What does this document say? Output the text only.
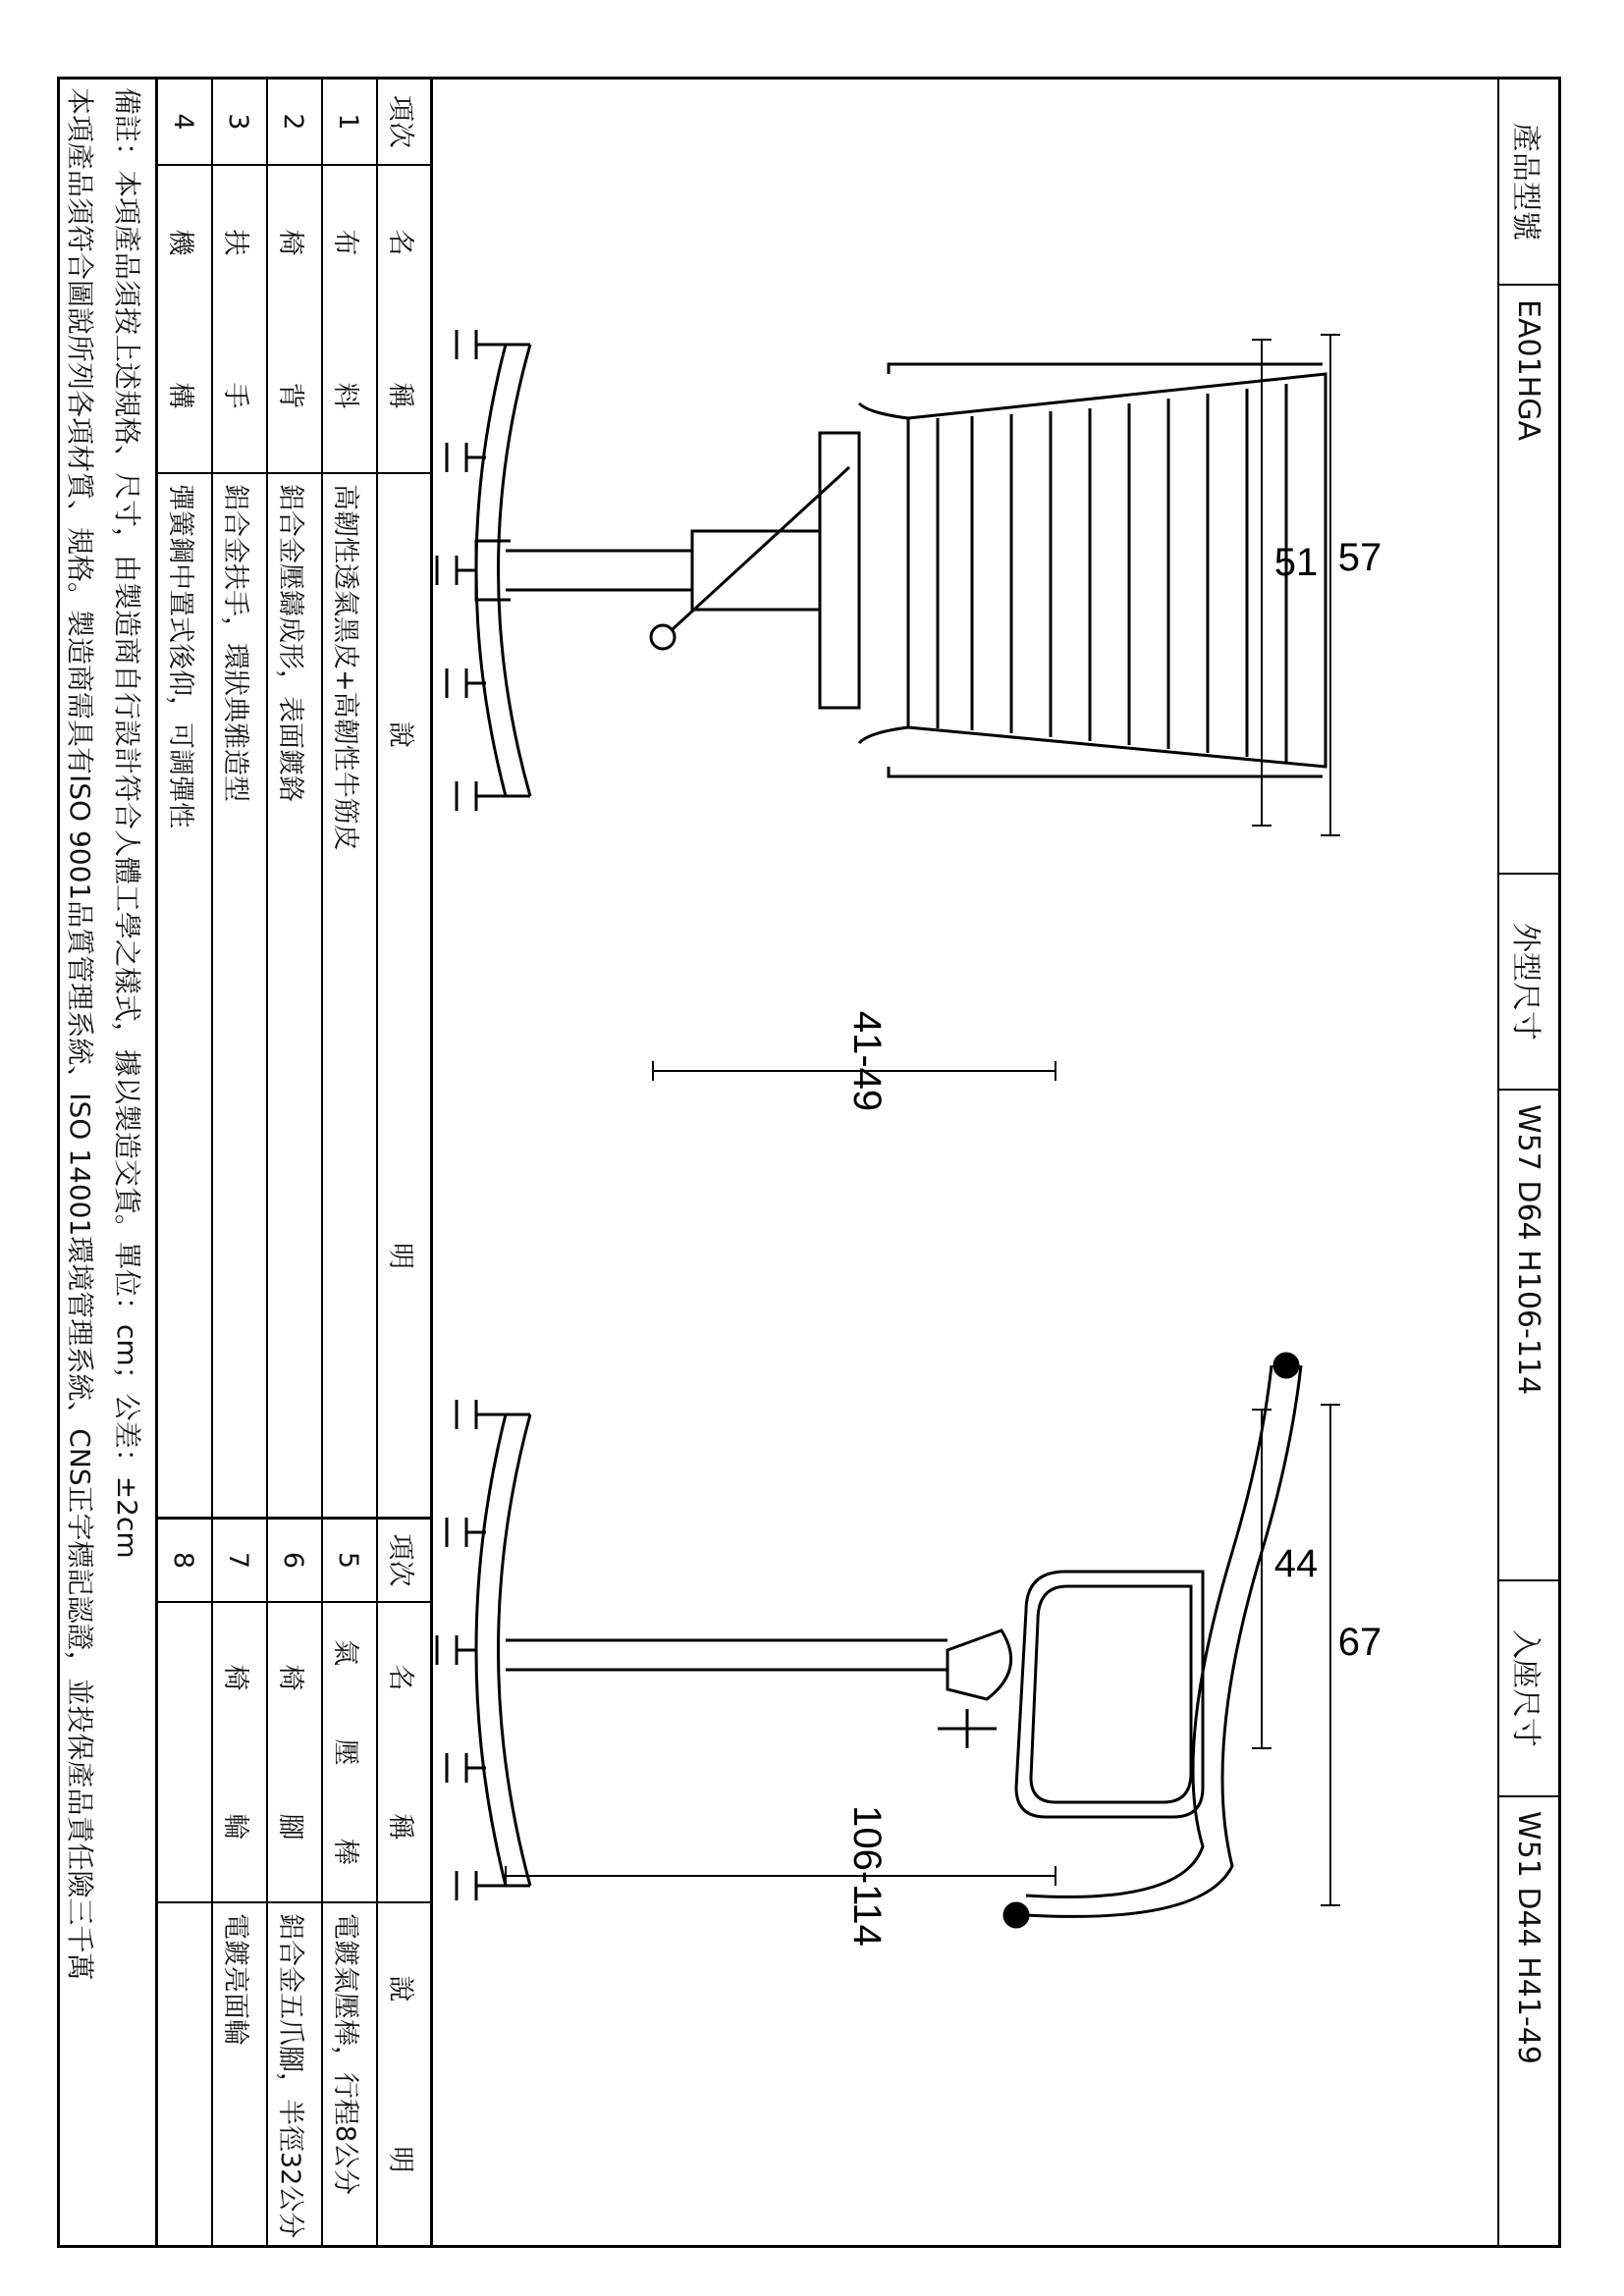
產品型號
EA01HGA
外型尺寸
W57 D64 H106-114
入座尺寸
W51 D44 H41-49
57
51
41-49
67
44
106-114
項次
名
稱
說
明
項次
名
稱
說
明
1
布
料
高韌性透氣黑皮+高韌性牛筋皮
2
椅
背
鋁合金壓鑄成形，表面鍍鉻
3
扶
手
鋁合金扶手，環狀典雅造型
4
機
構
彈簧鋼中置式後仰，可調彈性
5
氣
壓
棒
電鍍氣壓棒，行程8公分
6
椅
腳
鋁合金五爪腳，半徑32公分
7
椅
輪
電鍍亮面輪
8
備註：本項產品須按上述規格、尺寸，由製造商自行設計符合人體工學之樣式，據以製造交貨。單位：cm；公差：±2cm
本項產品須符合圖說所列各項材質、規格。製造商需具有ISO 9001品質管理系統、ISO 14001環境管理系統、CNS正字標記認證，並投保產品責任險三千萬
